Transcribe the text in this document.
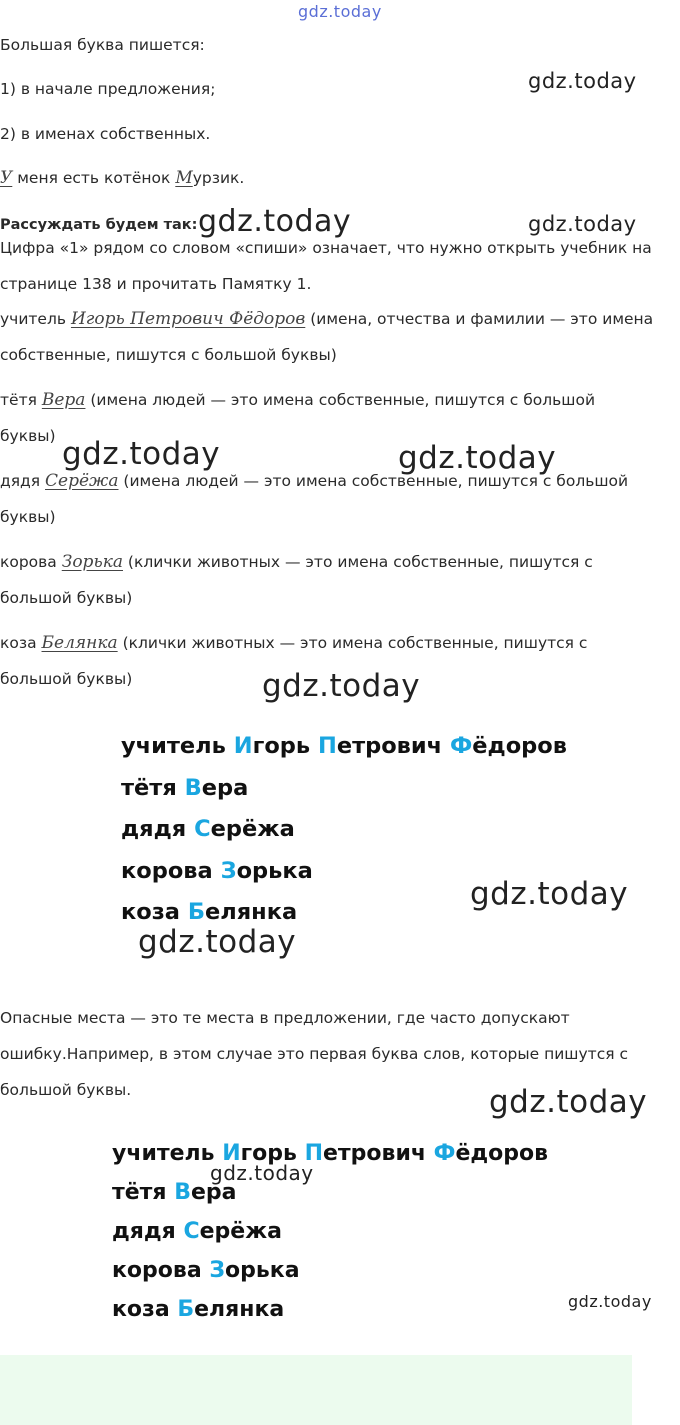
gdz.today
gdz.today
gdz.today	gdz.today
gdz.today	gdz.today
gdz.today
gdz.today
gdz.today
gdz.today
gdz.today
gdz.today
Большая буква пишется:
1) в начале предложения;
2) в именах собственных.
У меня есть котёнок Мурзик.
Рассуждать будем так:
Цифра «1» рядом со словом «спиши» означает, что нужно открыть учебник на
странице 138 и прочитать Памятку 1.
учитель Игорь Петрович Фёдоров (имена, отчества и фамилии — это имена
собственные, пишутся с большой буквы)
тётя Вера (имена людей — это имена собственные, пишутся с большой
буквы)
дядя Серёжа (имена людей — это имена собственные, пишутся с большой
буквы)
корова Зорька (клички животных — это имена собственные, пишутся с
большой буквы)
коза Белянка (клички животных — это имена собственные, пишутся с
большой буквы)
учитель Игорь Петрович Фёдоров
тётя Вера
дядя Серёжа
корова Зорька
коза Белянка
Опасные места — это те места в предложении, где часто допускают
ошибку.Например, в этом случае это первая буква слов, которые пишутся с
большой буквы.
учитель Игорь Петрович Фёдоров
тётя Вера
дядя Серёжа
корова Зорька
коза Белянка
